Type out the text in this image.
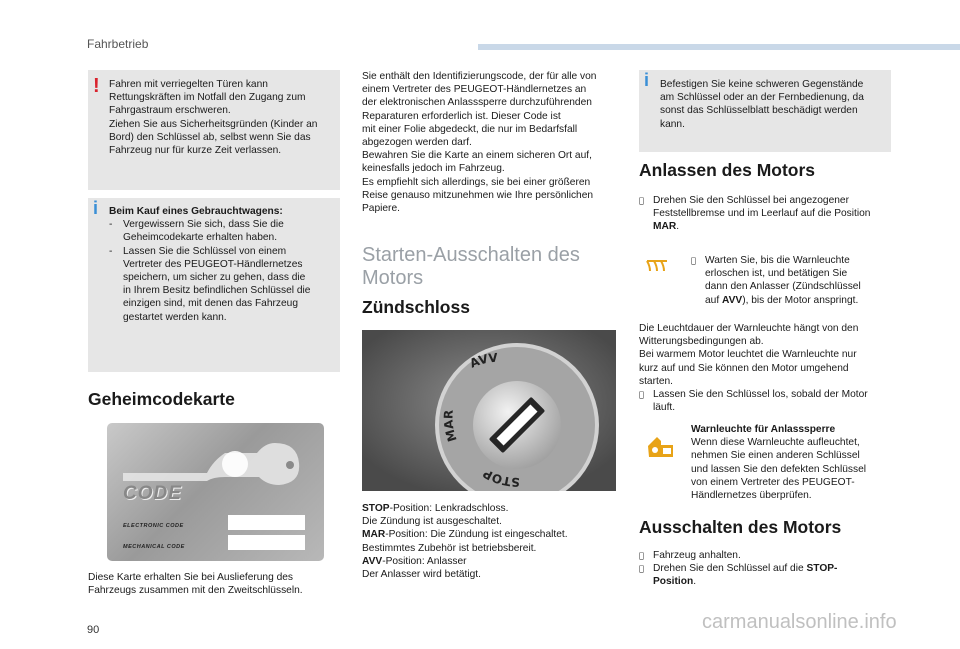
Fahrbetrieb
! Fahren mit verriegelten Türen kann

Rettungskräften im Notfall den Zugang zum

Fahrgastraum erschweren.

Ziehen Sie aus Sicherheitsgründen (Kinder an

Bord) den Schlüssel ab, selbst wenn Sie das

Fahrzeug nur für kurze Zeit verlassen.

i Beim Kauf eines Gebrauchtwagens:

-	Vergewissern Sie sich, dass Sie die

Geheimcodekarte erhalten haben.

-	Lassen Sie die Schlüssel von einem

Vertreter des PEUGEOT-Händlernetzes

speichern, um sicher zu gehen, dass die

in Ihrem Besitz befindlichen Schlüssel die

einzigen sind, mit denen das Fahrzeug

gestartet werden kann.

Geheimcodekarte
CODE
ELECTRONIC CODE
MECHANICAL CODE

Diese Karte erhalten Sie bei Auslieferung des

Fahrzeugs zusammen mit den Zweitschlüsseln.

Sie enthält den Identifizierungscode, der für alle von

einem Vertreter des PEUGEOT-Händlernetzes an

der elektronischen Anlasssperre durchzuführenden

Reparaturen erforderlich ist. Dieser Code ist

mit einer Folie abgedeckt, die nur im Bedarfsfall

abgezogen werden darf.

Bewahren Sie die Karte an einem sicheren Ort auf,

keinesfalls jedoch im Fahrzeug.

Es empfiehlt sich allerdings, sie bei einer größeren

Reise genauso mitzunehmen wie Ihre persönlichen

Papiere.

Starten-Ausschalten des
Motors
Zündschloss
AVV
MAR
STOP

STOP-Position: Lenkradschloss.

Die Zündung ist ausgeschaltet.

MAR-Position: Die Zündung ist eingeschaltet.

Bestimmtes Zubehör ist betriebsbereit.

AVV-Position: Anlasser

Der Anlasser wird betätigt.

i Befestigen Sie keine schweren Gegenstände

am Schlüssel oder an der Fernbedienung, da

sonst das Schlüsselblatt beschädigt werden

kann.

Anlassen des Motors

Drehen Sie den Schlüssel bei angezogener

Feststellbremse und im Leerlauf auf die Position

MAR.

Warten Sie, bis die Warnleuchte

erloschen ist, und betätigen Sie

dann den Anlasser (Zündschlüssel

auf AVV), bis der Motor anspringt.

Die Leuchtdauer der Warnleuchte hängt von den

Witterungsbedingungen ab.

Bei warmem Motor leuchtet die Warnleuchte nur

kurz auf und Sie können den Motor umgehend

starten.

Lassen Sie den Schlüssel los, sobald der Motor

läuft.

Warnleuchte für Anlasssperre

Wenn diese Warnleuchte aufleuchtet,

nehmen Sie einen anderen Schlüssel

und lassen Sie den defekten Schlüssel

von einem Vertreter des PEUGEOT-

Händlernetzes überprüfen.

Ausschalten des Motors

Fahrzeug anhalten.

Drehen Sie den Schlüssel auf die STOP-

Position.

90	carmanualsonline.info
